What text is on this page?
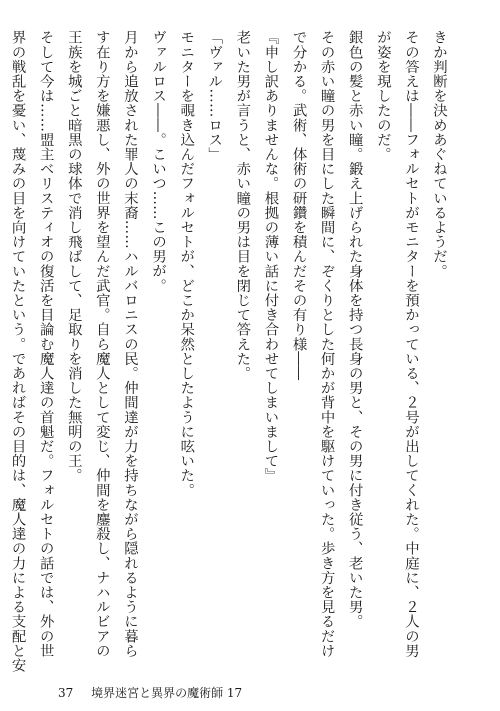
きか判断を決めあぐねているようだ。
その答えは――フォルセトがモニターを預かっている、２号が出してくれた。中庭に、２人の男
が姿を現したのだ。
銀色の髪と赤い瞳。鍛え上げられた身体を持つ長身の男と、その男に付き従う、老いた男。
その赤い瞳の男を目にした瞬間に、ぞくりとした何かが背中を駆けていった。歩き方を見るだけ
で分かる。武術、体術の研鑽を積んだその有り様――
『申し訳ありませんな。根拠の薄い話に付き合わせてしまいまして』
老いた男が言うと、赤い瞳の男は目を閉じて答えた。
「ヴァル……ロス」
モニターを覗き込んだフォルセトが、どこか呆然としたように呟いた。
ヴァルロス――。こいつ……この男が。
月から追放された罪人の末裔……ハルバロニスの民。仲間達が力を持ちながら隠れるように暮ら
す在り方を嫌悪し、外の世界を望んだ武官。自ら魔人として変じ、仲間を鏖殺し、ナハルビアの
王族を城ごと暗黒の球体で消し飛ばして、足取りを消した無明の王。
そして今は……盟主ベリスティオの復活を目論む魔人達の首魁だ。フォルセトの話では、外の世
界の戦乱を憂い、蔑みの目を向けていたという。であればその目的は、魔人達の力による支配と安
37 境界迷宮と異界の魔術師 17
